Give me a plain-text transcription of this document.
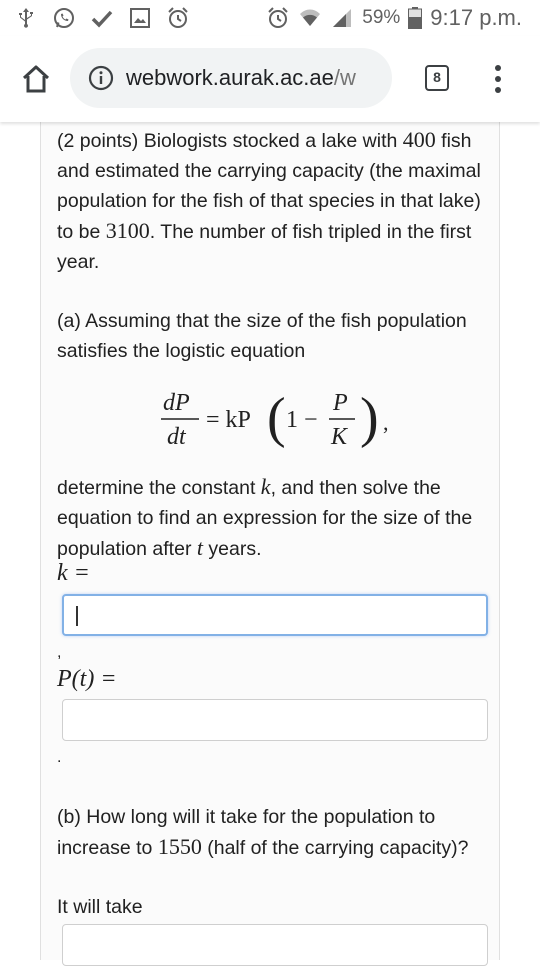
59% 9:17 p.m.
webwork.aurak.ac.ae/w	8
(2 points) Biologists stocked a lake with 400 fish and estimated the carrying capacity (the maximal population for the fish of that species in that lake) to be 3100. The number of fish tripled in the first year.
(a) Assuming that the size of the fish population satisfies the logistic equation
dP
dt
= kP ( 1 −
P
K ) ,
determine the constant k, and then solve the equation to find an expression for the size of the population after t years.
k =
,
P(t) =
.
(b) How long will it take for the population to increase to 1550 (half of the carrying capacity)?
It will take
